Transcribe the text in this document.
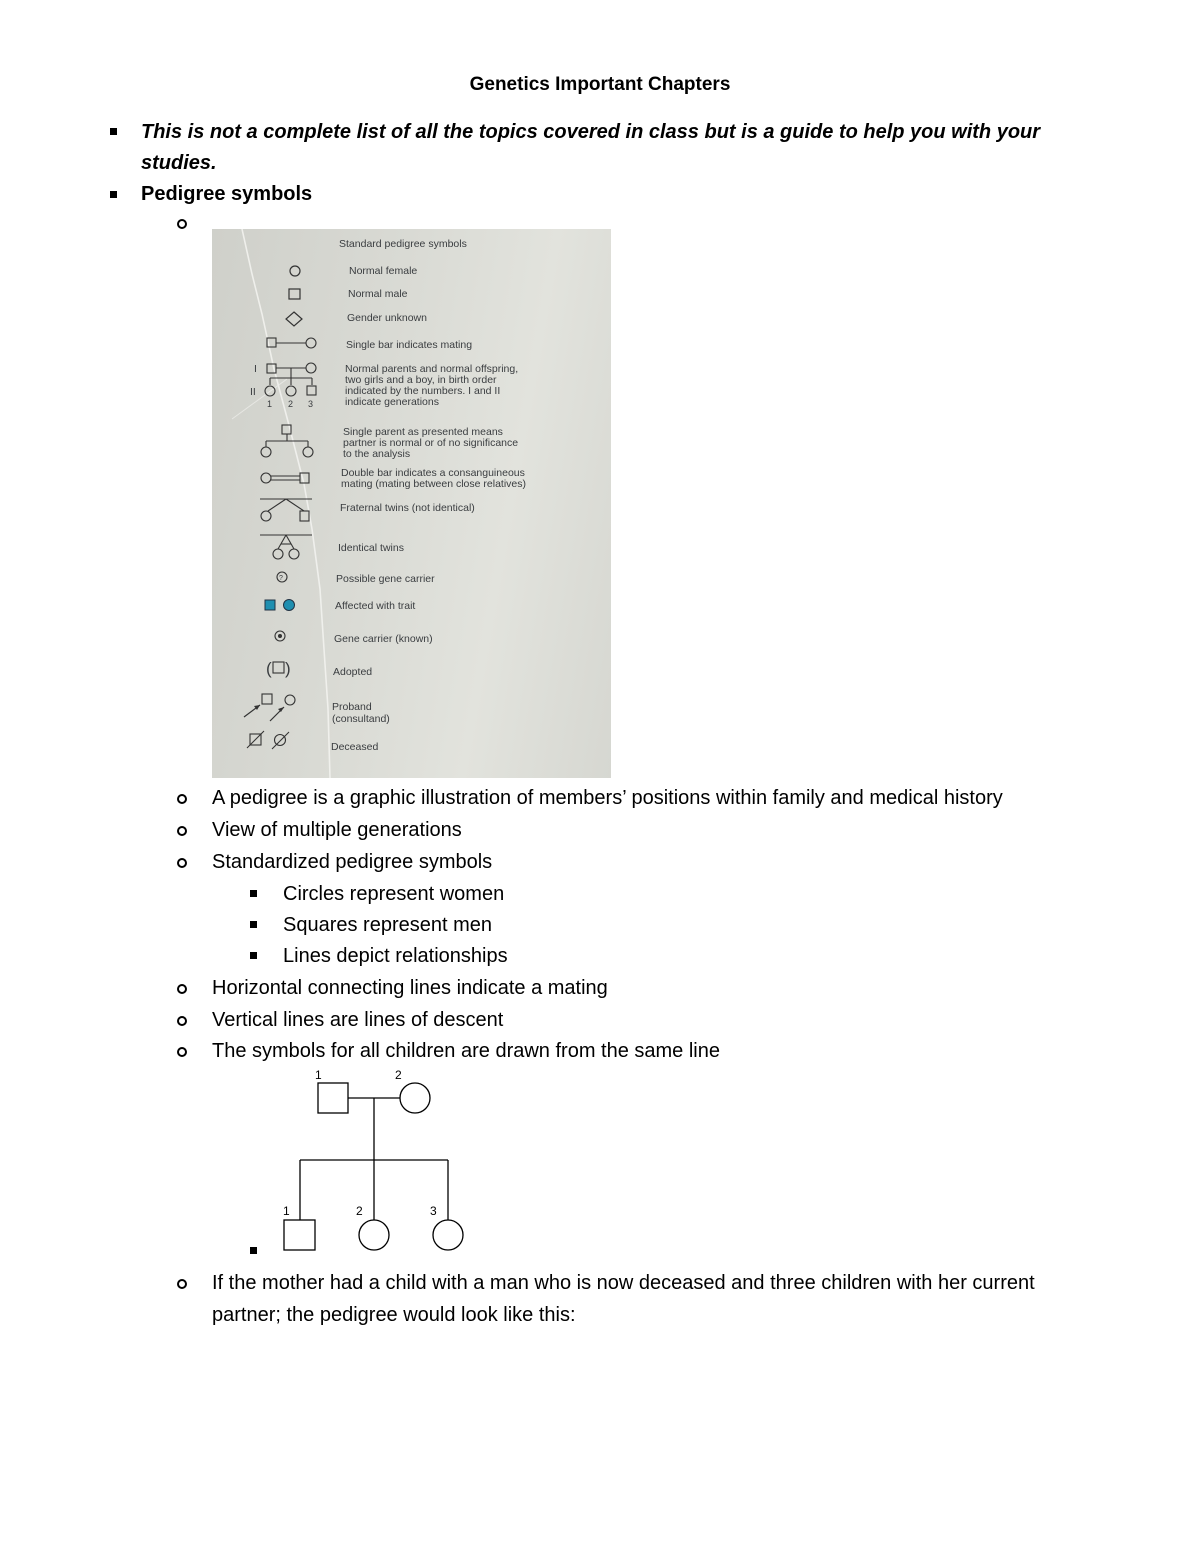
Genetics Important Chapters
This is not a complete list of all the topics covered in class but is a guide to help you with your
studies.
Pedigree symbols
Standard pedigree symbols
Normal female
Normal male
Gender unknown
Single bar indicates mating
I
II
1 2 3
Normal parents and normal offspring,
two girls and a boy, in birth order
indicated by the numbers. I and II
indicate generations
Single parent as presented means
partner is normal or of no significance
to the analysis
Double bar indicates a consanguineous
mating (mating between close relatives)
Fraternal twins (not identical)
Identical twins
?	Possible gene carrier
Affected with trait
Gene carrier (known)
( )	Adopted
Proband
(consultand)
Deceased
A pedigree is a graphic illustration of members’ positions within family and medical history
View of multiple generations
Standardized pedigree symbols
Circles represent women
Squares represent men
Lines depict relationships
Horizontal connecting lines indicate a mating
Vertical lines are lines of descent
The symbols for all children are drawn from the same line
1	2
1	2	3
If the mother had a child with a man who is now deceased and three children with her current
partner; the pedigree would look like this:
